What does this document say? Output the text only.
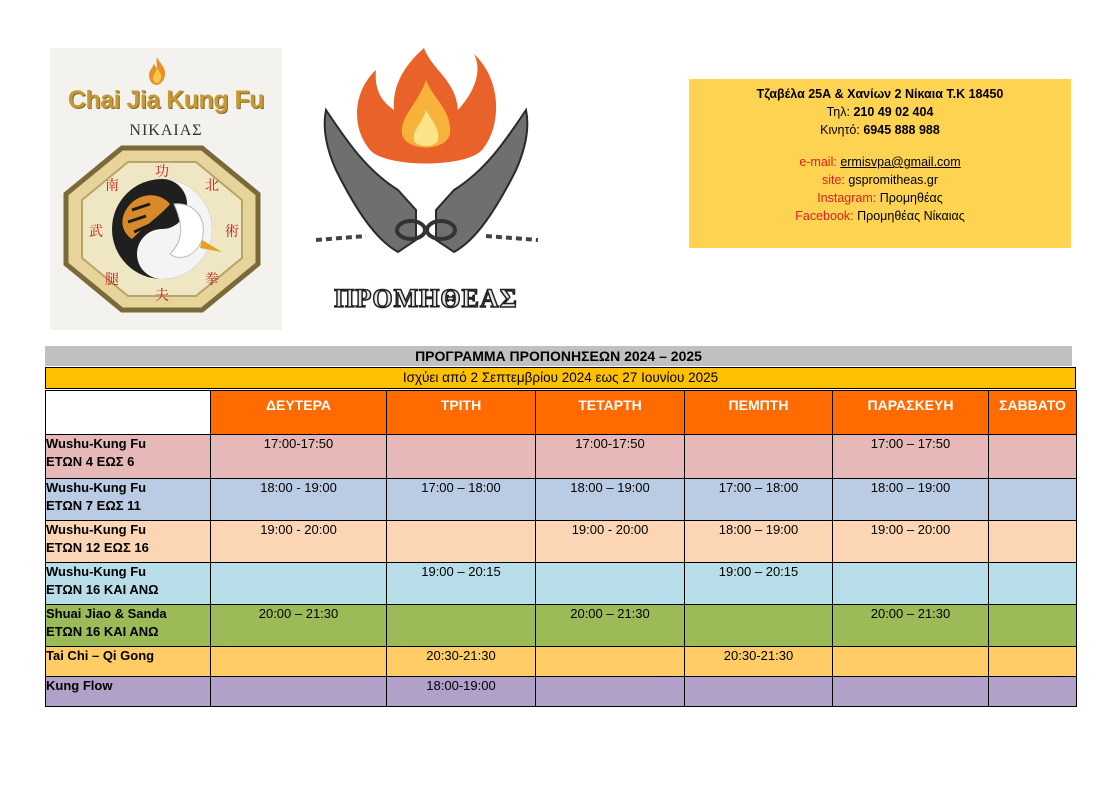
Chai Jia Kung Fu
ΝΙΚΑΙΑΣ
功
北
南
武	術
拳
腿
夫	ΠΡΟΜΗΘΕΑΣ
Τζαβέλα 25Α & Χανίων 2 Νίκαια Τ.Κ 18450
Τηλ: 210 49 02 404
Κινητό: 6945 888 988
e-mail: ermisvpa@gmail.com
site: gspromitheas.gr
Instagram: Προμηθέας
Facebook: Προμηθέας Νίκαιας
ΠΡΟΓΡΑΜΜΑ ΠΡΟΠΟΝΗΣΕΩΝ 2024 – 2025
Ισχύει από 2 Σεπτεμβρίου 2024 εως 27 Ιουνίου 2025
	ΔΕΥΤΕΡΑ	ΤΡΙΤΗ	ΤΕΤΑΡΤΗ	ΠΕΜΠΤΗ	ΠΑΡΑΣΚΕΥΗ	ΣΑΒΒΑΤΟ

Wushu-Kung Fu
ΕΤΩΝ 4 ΕΩΣ 6	17:00-17:50		17:00-17:50		17:00 – 17:50	

Wushu-Kung Fu
ΕΤΩΝ 7 ΕΩΣ 11	18:00 - 19:00	17:00 – 18:00	18:00 – 19:00	17:00 – 18:00	18:00 – 19:00	

Wushu-Kung Fu
ΕΤΩΝ 12 ΕΩΣ 16	19:00 - 20:00		19:00 - 20:00	18:00 – 19:00	19:00 – 20:00	

Wushu-Kung Fu
ΕΤΩΝ 16 ΚΑΙ ΑΝΩ		19:00 – 20:15		19:00 – 20:15		

Shuai Jiao & Sanda
ΕΤΩΝ 16 ΚΑΙ ΑΝΩ	20:00 – 21:30		20:00 – 21:30		20:00 – 21:30	

Tai Chi – Qi Gong		20:30-21:30		20:30-21:30		

Kung Flow		18:00-19:00				
